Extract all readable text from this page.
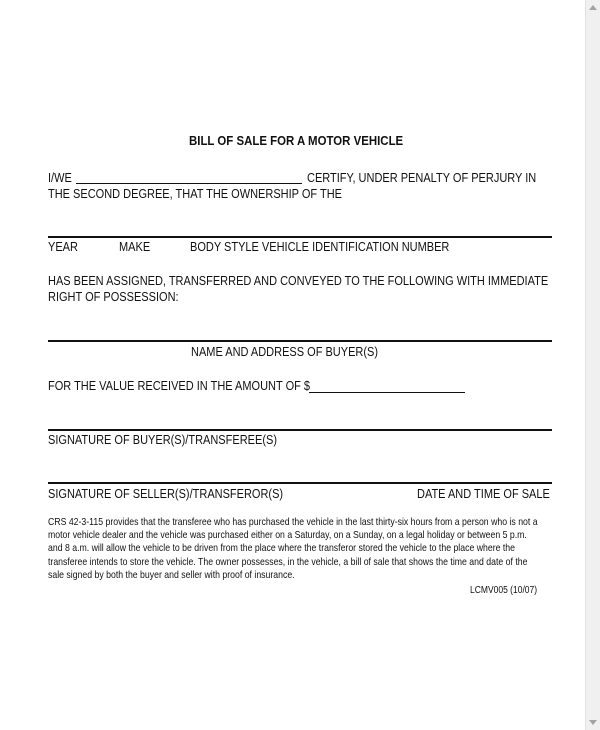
BILL OF SALE FOR A MOTOR VEHICLE
I/WE	CERTIFY, UNDER PENALTY OF PERJURY IN
THE SECOND DEGREE, THAT THE OWNERSHIP OF THE
YEAR	MAKE	BODY STYLE VEHICLE IDENTIFICATION NUMBER
HAS BEEN ASSIGNED, TRANSFERRED AND CONVEYED TO THE FOLLOWING WITH IMMEDIATE
RIGHT OF POSSESSION:
NAME AND ADDRESS OF BUYER(S)
FOR THE VALUE RECEIVED IN THE AMOUNT OF $
SIGNATURE OF BUYER(S)/TRANSFEREE(S)
SIGNATURE OF SELLER(S)/TRANSFEROR(S)	DATE AND TIME OF SALE
CRS 42-3-115 provides that the transferee who has purchased the vehicle in the last thirty-six hours from a person who is not a
motor vehicle dealer and the vehicle was purchased either on a Saturday, on a Sunday, on a legal holiday or between 5 p.m.
and 8 a.m. will allow the vehicle to be driven from the place where the transferor stored the vehicle to the place where the
transferee intends to store the vehicle. The owner possesses, in the vehicle, a bill of sale that shows the time and date of the
sale signed by both the buyer and seller with proof of insurance.
LCMV005 (10/07)
